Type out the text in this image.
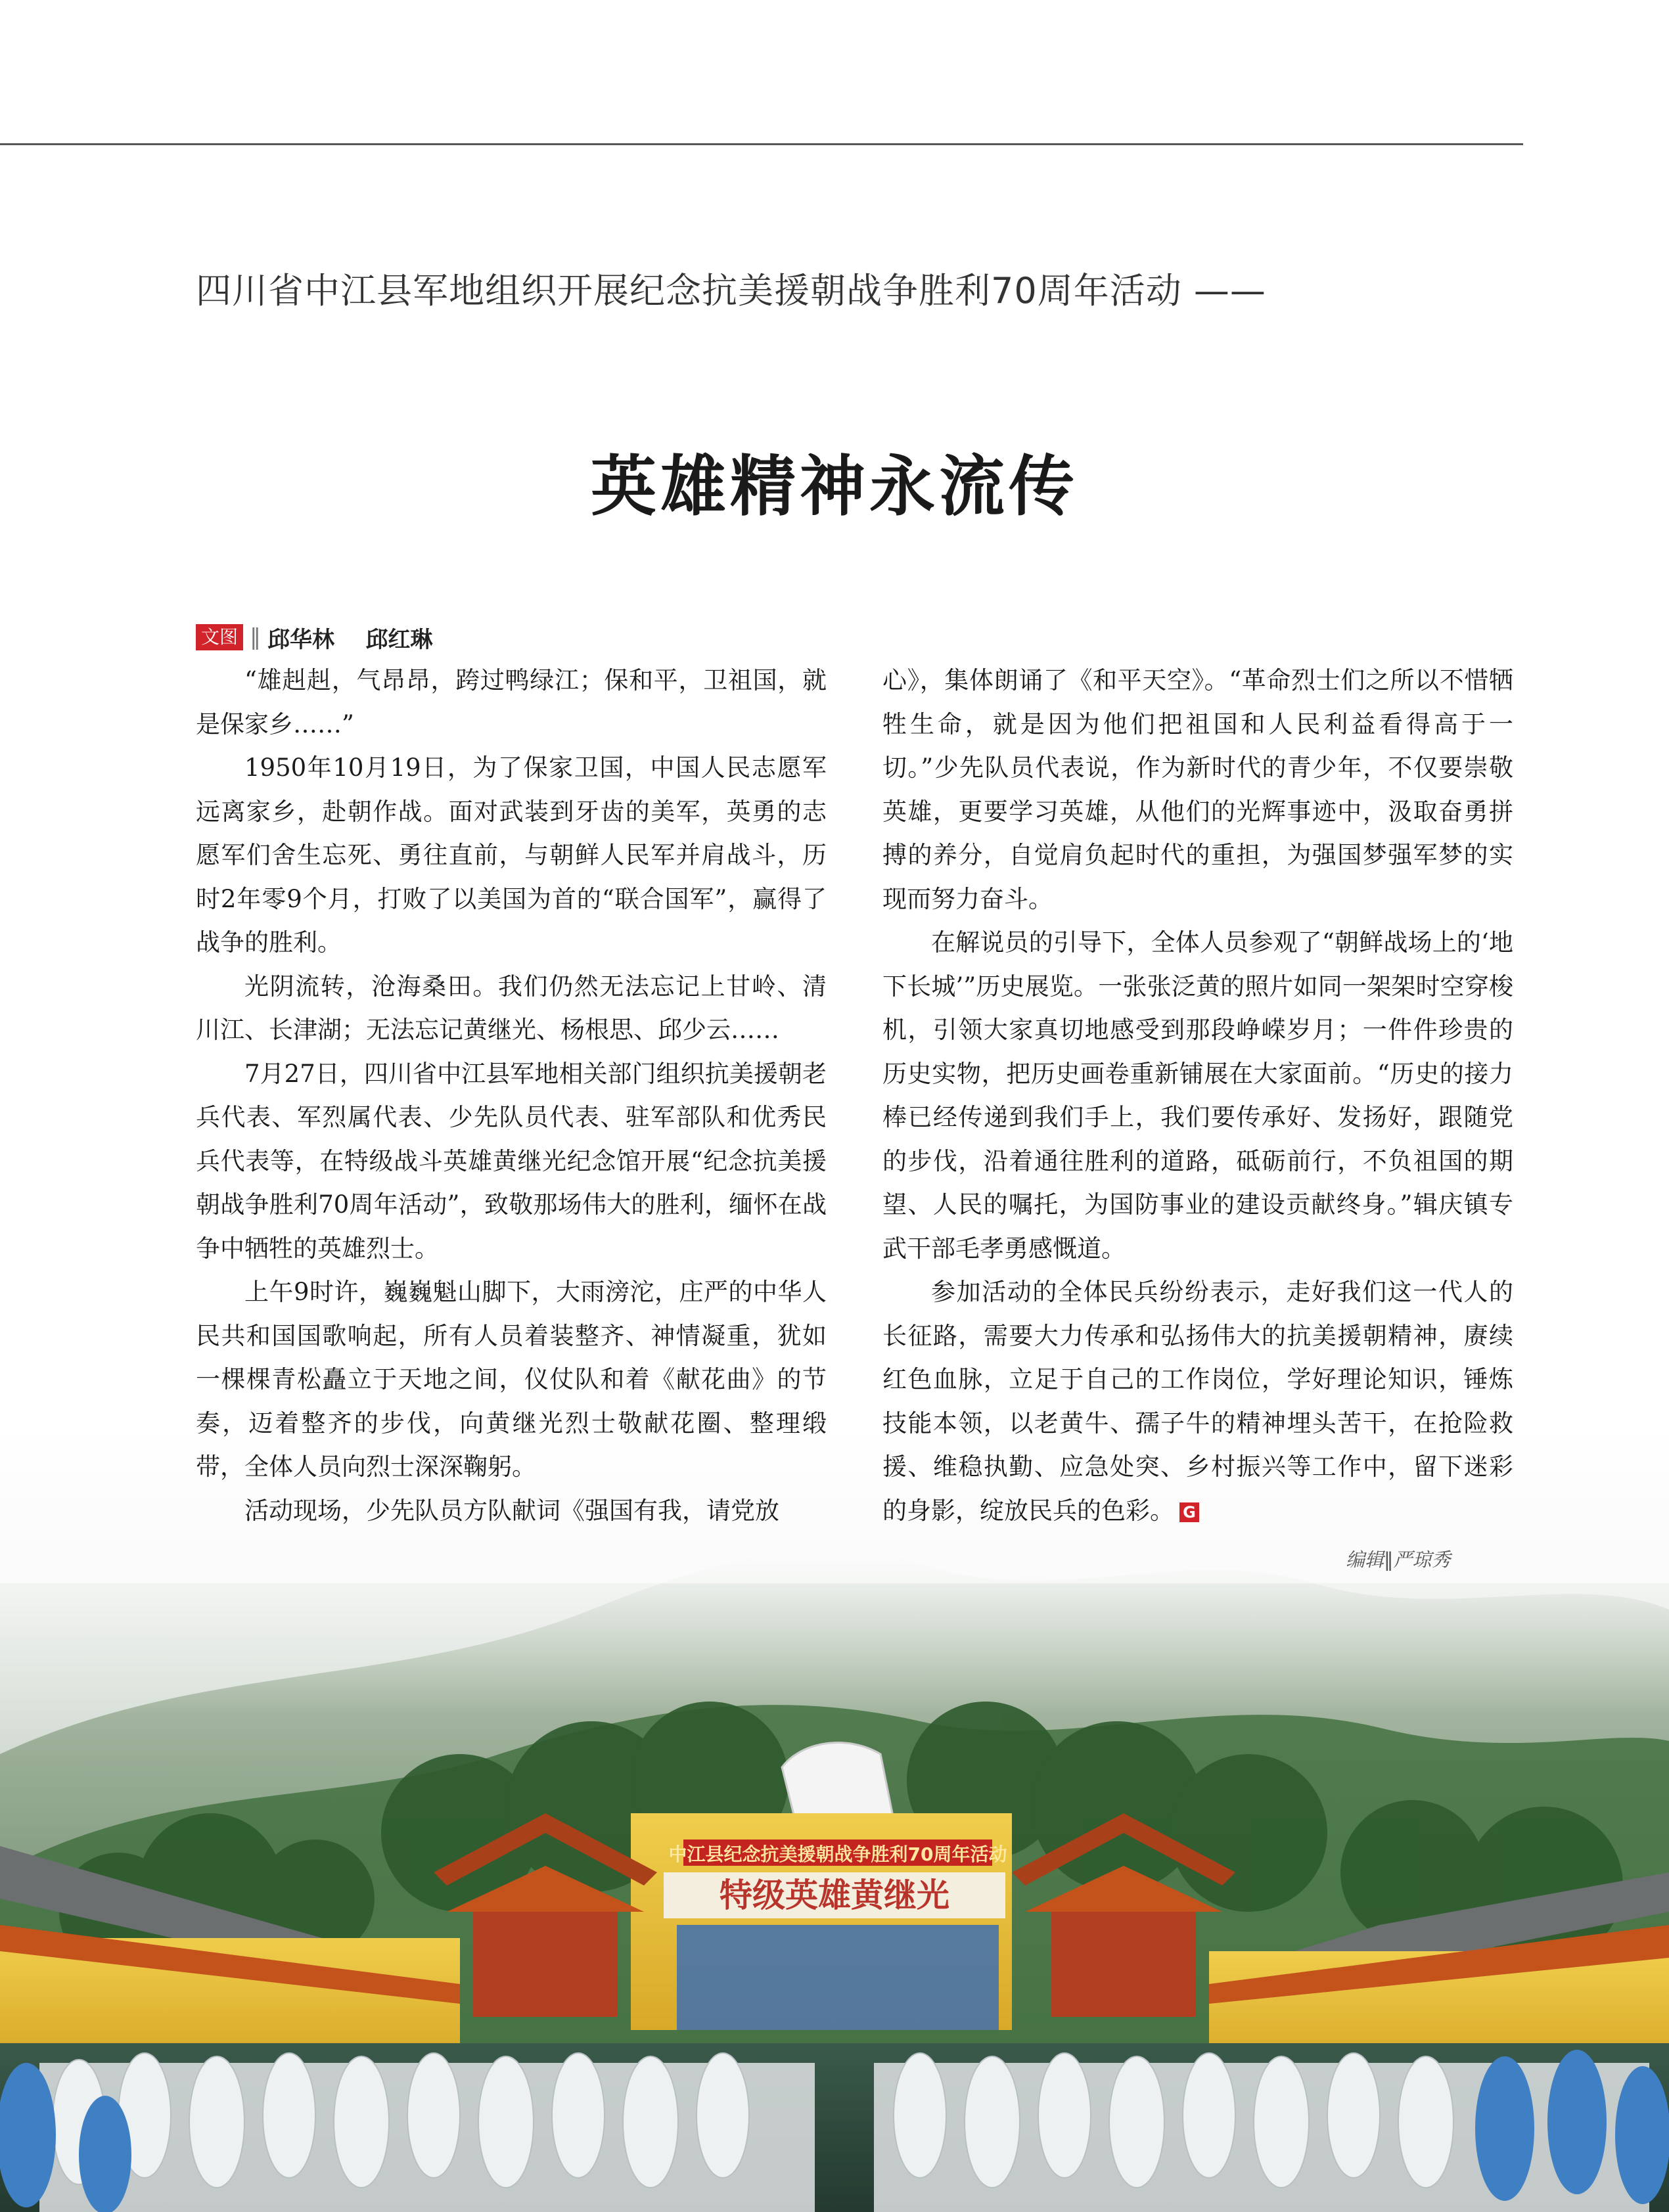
四川省中江县军地组织开展纪念抗美援朝战争胜利70周年活动 ——
英雄精神永流传
文图 ‖ 邱华林    邱红琳
中江县纪念抗美援朝战争胜利70周年活动
特级英雄黄继光

“雄赳赳，气昂昂，跨过鸭绿江；保和平，卫祖国，就是保家乡……”

1950年10月19日，为了保家卫国，中国人民志愿军远离家乡，赴朝作战。面对武装到牙齿的美军，英勇的志愿军们舍生忘死、勇往直前，与朝鲜人民军并肩战斗，历时2年零9个月，打败了以美国为首的“联合国军”，赢得了战争的胜利。

光阴流转，沧海桑田。我们仍然无法忘记上甘岭、清川江、长津湖；无法忘记黄继光、杨根思、邱少云……

7月27日，四川省中江县军地相关部门组织抗美援朝老兵代表、军烈属代表、少先队员代表、驻军部队和优秀民兵代表等，在特级战斗英雄黄继光纪念馆开展“纪念抗美援朝战争胜利70周年活动”，致敬那场伟大的胜利，缅怀在战争中牺牲的英雄烈士。

上午9时许，巍巍魁山脚下，大雨滂沱，庄严的中华人民共和国国歌响起，所有人员着装整齐、神情凝重，犹如一棵棵青松矗立于天地之间，仪仗队和着《献花曲》的节奏，迈着整齐的步伐，向黄继光烈士敬献花圈、整理缎带，全体人员向烈士深深鞠躬。

活动现场，少先队员方队献词《强国有我，请党放

心》，集体朗诵了《和平天空》。“革命烈士们之所以不惜牺牲生命，就是因为他们把祖国和人民利益看得高于一切。”少先队员代表说，作为新时代的青少年，不仅要崇敬英雄，更要学习英雄，从他们的光辉事迹中，汲取奋勇拼搏的养分，自觉肩负起时代的重担，为强国梦强军梦的实现而努力奋斗。

在解说员的引导下，全体人员参观了“朝鲜战场上的‘地下长城’”历史展览。一张张泛黄的照片如同一架架时空穿梭机，引领大家真切地感受到那段峥嵘岁月；一件件珍贵的历史实物，把历史画卷重新铺展在大家面前。“历史的接力棒已经传递到我们手上，我们要传承好、发扬好，跟随党的步伐，沿着通往胜利的道路，砥砺前行，不负祖国的期望、人民的嘱托，为国防事业的建设贡献终身。”辑庆镇专武干部毛孝勇感慨道。

参加活动的全体民兵纷纷表示，走好我们这一代人的长征路，需要大力传承和弘扬伟大的抗美援朝精神，赓续红色血脉，立足于自己的工作岗位，学好理论知识，锤炼技能本领，以老黄牛、孺子牛的精神埋头苦干，在抢险救援、维稳执勤、应急处突、乡村振兴等工作中，留下迷彩的身影，绽放民兵的色彩。 G

编辑‖严琼秀
